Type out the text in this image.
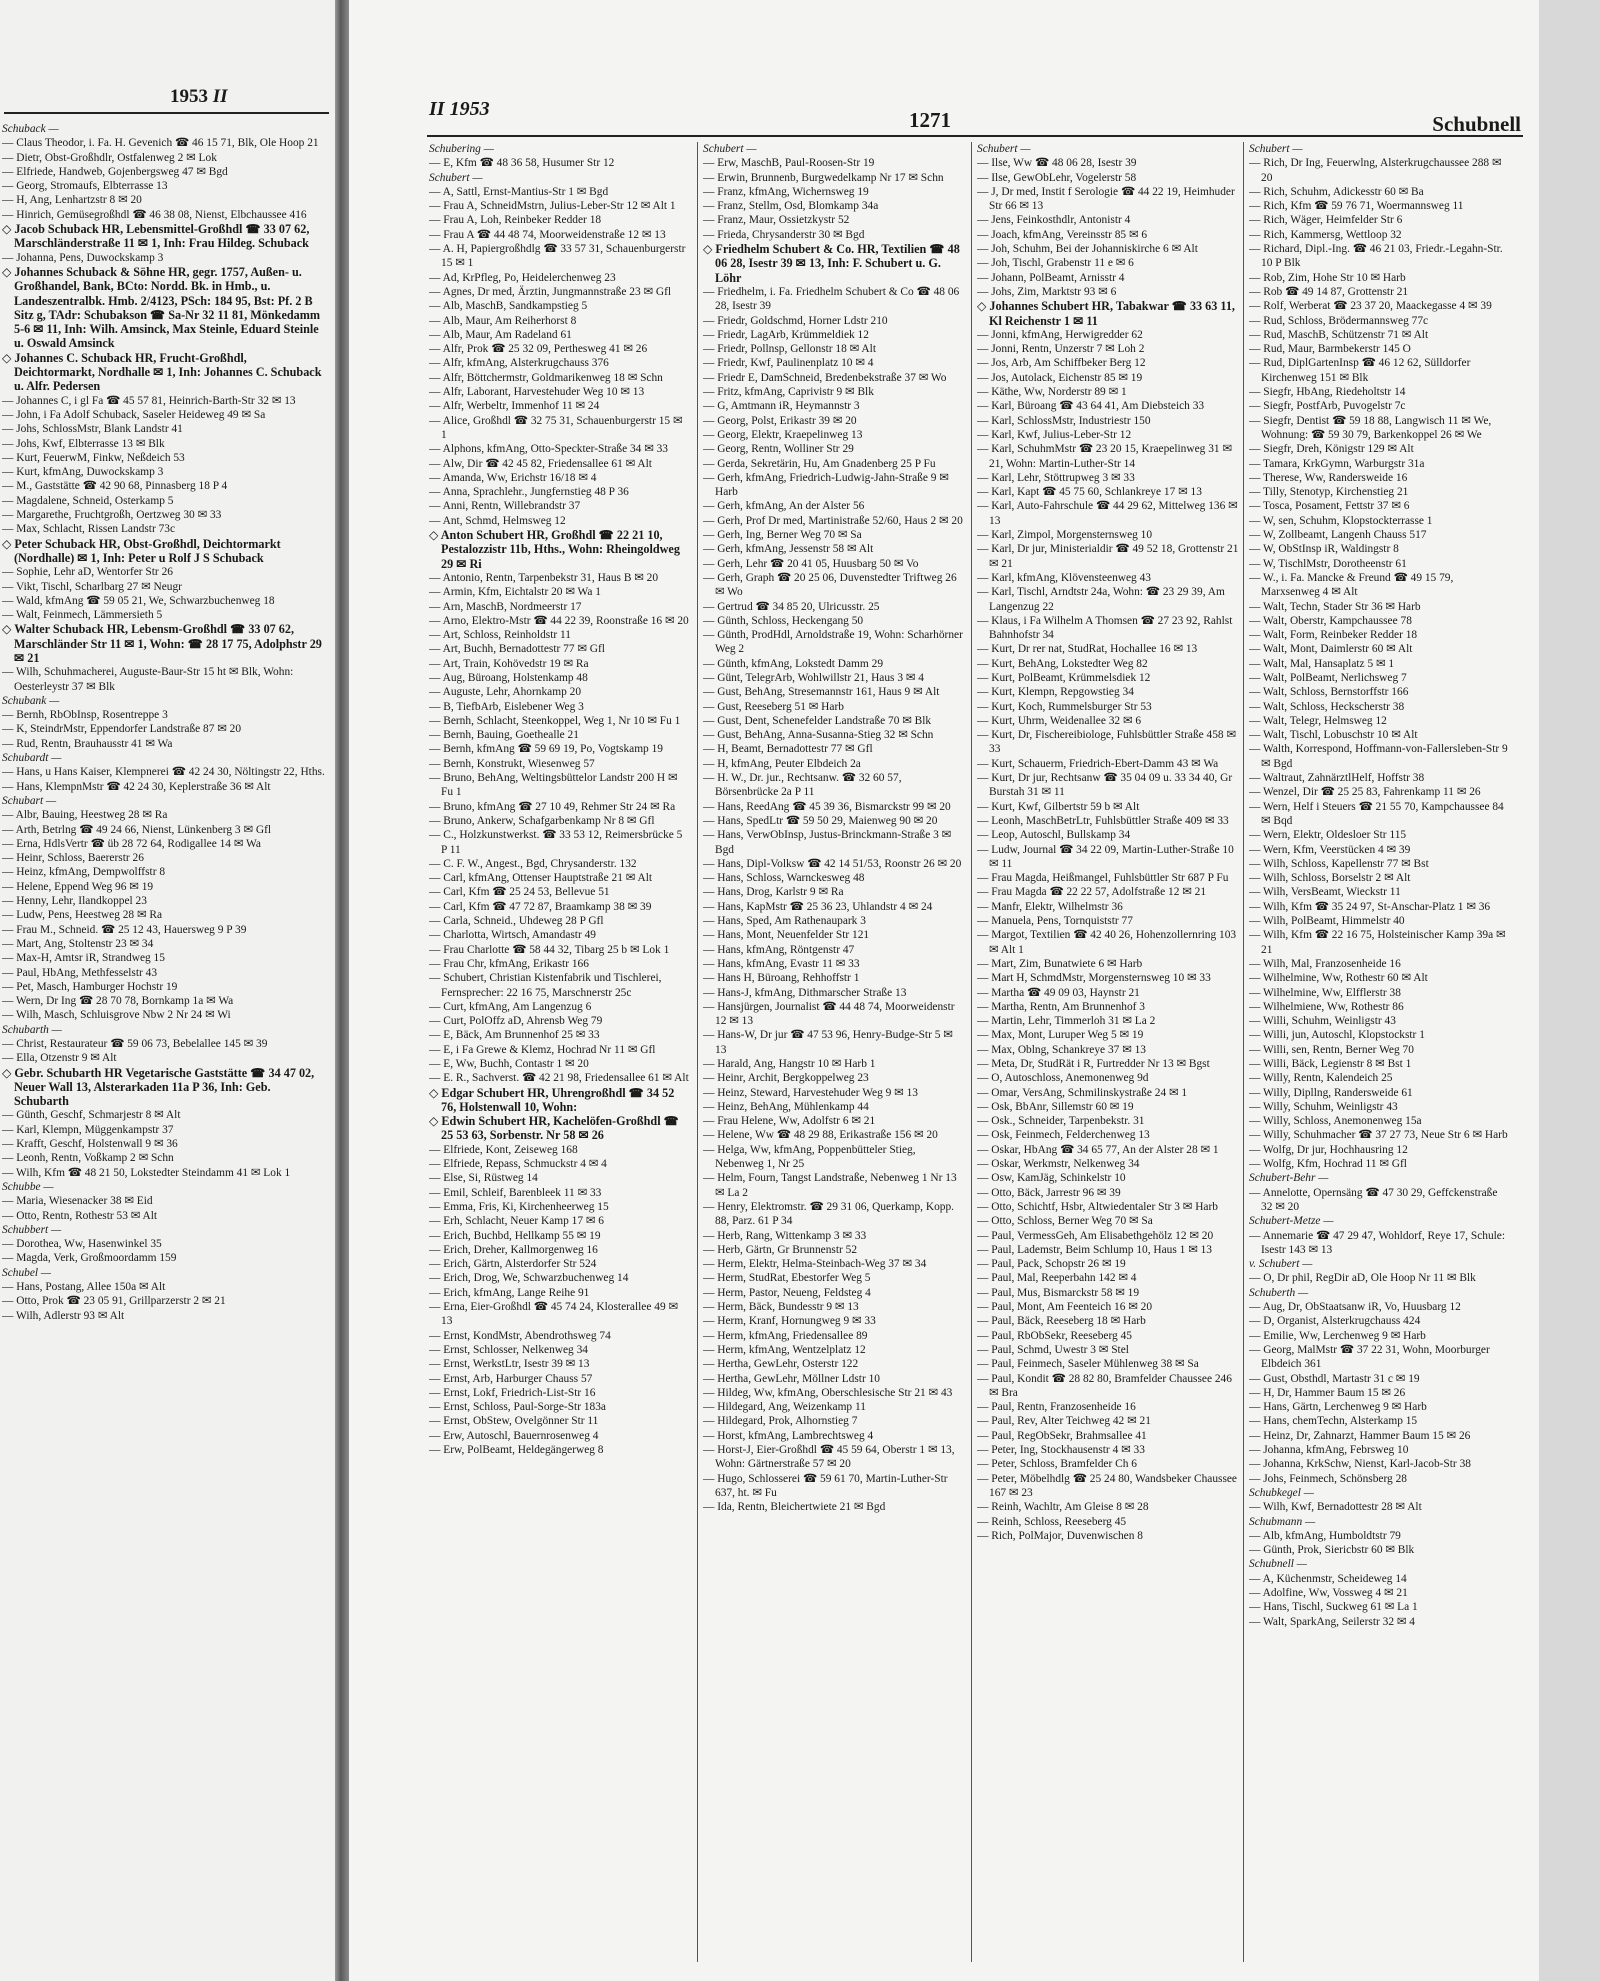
1953 II

Schuback —

— Claus Theodor, i. Fa. H. Gevenich ☎ 46 15 71, Blk, Ole Hoop 21

— Dietr, Obst-Großhdlr, Ostfalenweg 2 ✉ Lok

— Elfriede, Handweb, Gojenbergsweg 47 ✉ Bgd

— Georg, Stromaufs, Elbterrasse 13

— H, Ang, Lenhartzstr 8 ✉ 20

— Hinrich, Gemüsegroßhdl ☎ 46 38 08, Nienst, Elbchaussee 416

◇ Jacob Schuback HR, Lebensmittel-Großhdl ☎ 33 07 62, Marschländerstraße 11 ✉ 1, Inh: Frau Hildeg. Schuback

— Johanna, Pens, Duwockskamp 3

◇ Johannes Schuback & Söhne HR, gegr. 1757, Außen- u. Großhandel, Bank, BCto: Nordd. Bk. in Hmb., u. Landeszentralbk. Hmb. 2/4123, PSch: 184 95, Bst: Pf. 2 B Sitz g, TAdr: Schubakson ☎ Sa-Nr 32 11 81, Mönkedamm 5-6 ✉ 11, Inh: Wilh. Amsinck, Max Steinle, Eduard Steinle u. Oswald Amsinck

◇ Johannes C. Schuback HR, Frucht-Großhdl, Deichtormarkt, Nordhalle ✉ 1, Inh: Johannes C. Schuback u. Alfr. Pedersen

— Johannes C, i gl Fa ☎ 45 57 81, Heinrich-Barth-Str 32 ✉ 13

— John, i Fa Adolf Schuback, Saseler Heideweg 49 ✉ Sa

— Johs, SchlossMstr, Blank Landstr 41

— Johs, Kwf, Elbterrasse 13 ✉ Blk

— Kurt, FeuerwM, Finkw, Neßdeich 53

— Kurt, kfmAng, Duwockskamp 3

— M., Gaststätte ☎ 42 90 68, Pinnasberg 18 P 4

— Magdalene, Schneid, Osterkamp 5

— Margarethe, Fruchtgroßh, Oertzweg 30 ✉ 33

— Max, Schlacht, Rissen Landstr 73c

◇ Peter Schuback HR, Obst-Großhdl, Deichtormarkt (Nordhalle) ✉ 1, Inh: Peter u Rolf J S Schuback

— Sophie, Lehr aD, Wentorfer Str 26

— Vikt, Tischl, Scharlbarg 27 ✉ Neugr

— Wald, kfmAng ☎ 59 05 21, We, Schwarzbuchenweg 18

— Walt, Feinmech, Lämmersieth 5

◇ Walter Schuback HR, Lebensm-Großhdl ☎ 33 07 62, Marschländer Str 11 ✉ 1, Wohn: ☎ 28 17 75, Adolphstr 29 ✉ 21

— Wilh, Schuhmacherei, Auguste-Baur-Str 15 ht ✉ Blk, Wohn: Oesterleystr 37 ✉ Blk

Schubank —

— Bernh, RbObInsp, Rosentreppe 3

— K, SteindrMstr, Eppendorfer Landstraße 87 ✉ 20

— Rud, Rentn, Brauhausstr 41 ✉ Wa

Schubardt —

— Hans, u Hans Kaiser, Klempnerei ☎ 42 24 30, Nöltingstr 22, Hths.

— Hans, KlempnMstr ☎ 42 24 30, Keplerstraße 36 ✉ Alt

Schubart —

— Albr, Bauing, Heestweg 28 ✉ Ra

— Arth, Betrlng ☎ 49 24 66, Nienst, Lünkenberg 3 ✉ Gfl

— Erna, HdlsVertr ☎ üb 28 72 64, Rodigallee 14 ✉ Wa

— Heinr, Schloss, Baererstr 26

— Heinz, kfmAng, Dempwolffstr 8

— Helene, Eppend Weg 96 ✉ 19

— Henny, Lehr, Ilandkoppel 23

— Ludw, Pens, Heestweg 28 ✉ Ra

— Frau M., Schneid. ☎ 25 12 43, Hauersweg 9 P 39

— Mart, Ang, Stoltenstr 23 ✉ 34

— Max-H, Amtsr iR, Strandweg 15

— Paul, HbAng, Methfesselstr 43

— Pet, Masch, Hamburger Hochstr 19

— Wern, Dr Ing ☎ 28 70 78, Bornkamp 1a ✉ Wa

— Wilh, Masch, Schluisgrove Nbw 2 Nr 24 ✉ Wi

Schubarth —

— Christ, Restaurateur ☎ 59 06 73, Bebelallee 145 ✉ 39

— Ella, Otzenstr 9 ✉ Alt

◇ Gebr. Schubarth HR Vegetarische Gaststätte ☎ 34 47 02, Neuer Wall 13, Alsterarkaden 11a P 36, Inh: Geb. Schubarth

— Günth, Geschf, Schmarjestr 8 ✉ Alt

— Karl, Klempn, Müggenkampstr 37

— Krafft, Geschf, Holstenwall 9 ✉ 36

— Leonh, Rentn, Voßkamp 2 ✉ Schn

— Wilh, Kfm ☎ 48 21 50, Lokstedter Steindamm 41 ✉ Lok 1

Schubbe —

— Maria, Wiesenacker 38 ✉ Eid

— Otto, Rentn, Rothestr 53 ✉ Alt

Schubbert —

— Dorothea, Ww, Hasenwinkel 35

— Magda, Verk, Großmoordamm 159

Schubel —

— Hans, Postang, Allee 150a ✉ Alt

— Otto, Prok ☎ 23 05 91, Grillparzerstr 2 ✉ 21

— Wilh, Adlerstr 93 ✉ Alt

II 1953	1271	Schubnell

Schubering —

— E, Kfm ☎ 48 36 58, Husumer Str 12

Schubert —

— A, Sattl, Ernst-Mantius-Str 1 ✉ Bgd

— Frau A, SchneidMstrn, Julius-Leber-Str 12 ✉ Alt 1

— Frau A, Loh, Reinbeker Redder 18

— Frau A ☎ 44 48 74, Moorweidenstraße 12 ✉ 13

— A. H, Papiergroßhdlg ☎ 33 57 31, Schauenburgerstr 15 ✉ 1

— Ad, KrPfleg, Po, Heidelerchenweg 23

— Agnes, Dr med, Ärztin, Jungmannstraße 23 ✉ Gfl

— Alb, MaschB, Sandkampstieg 5

— Alb, Maur, Am Reiherhorst 8

— Alb, Maur, Am Radeland 61

— Alfr, Prok ☎ 25 32 09, Perthesweg 41 ✉ 26

— Alfr, kfmAng, Alsterkrugchauss 376

— Alfr, Böttchermstr, Goldmarikenweg 18 ✉ Schn

— Alfr, Laborant, Harvestehuder Weg 10 ✉ 13

— Alfr, Werbeltr, Immenhof 11 ✉ 24

— Alice, Großhdl ☎ 32 75 31, Schauenburgerstr 15 ✉ 1

— Alphons, kfmAng, Otto-Speckter-Straße 34 ✉ 33

— Alw, Dir ☎ 42 45 82, Friedensallee 61 ✉ Alt

— Amanda, Ww, Erichstr 16/18 ✉ 4

— Anna, Sprachlehr., Jungfernstieg 48 P 36

— Anni, Rentn, Willebrandstr 37

— Ant, Schmd, Helmsweg 12

◇ Anton Schubert HR, Großhdl ☎ 22 21 10, Pestalozzistr 11b, Hths., Wohn: Rheingoldweg 29 ✉ Ri

— Antonio, Rentn, Tarpenbekstr 31, Haus B ✉ 20

— Armin, Kfm, Eichtalstr 20 ✉ Wa 1

— Arn, MaschB, Nordmeerstr 17

— Arno, Elektro-Mstr ☎ 44 22 39, Roonstraße 16 ✉ 20

— Art, Schloss, Reinholdstr 11

— Art, Buchh, Bernadottestr 77 ✉ Gfl

— Art, Train, Kohövedstr 19 ✉ Ra

— Aug, Büroang, Holstenkamp 48

— Auguste, Lehr, Ahornkamp 20

— B, TiefbArb, Eislebener Weg 3

— Bernh, Schlacht, Steenkoppel, Weg 1, Nr 10 ✉ Fu 1

— Bernh, Bauing, Goethealle 21

— Bernh, kfmAng ☎ 59 69 19, Po, Vogtskamp 19

— Bernh, Konstrukt, Wiesenweg 57

— Bruno, BehAng, Weltingsbüttelor Landstr 200 H ✉ Fu 1

— Bruno, kfmAng ☎ 27 10 49, Rehmer Str 24 ✉ Ra

— Bruno, Ankerw, Schafgarbenkamp Nr 8 ✉ Gfl

— C., Holzkunstwerkst. ☎ 33 53 12, Reimersbrücke 5 P 11

— C. F. W., Angest., Bgd, Chrysanderstr. 132

— Carl, kfmAng, Ottenser Hauptstraße 21 ✉ Alt

— Carl, Kfm ☎ 25 24 53, Bellevue 51

— Carl, Kfm ☎ 47 72 87, Braamkamp 38 ✉ 39

— Carla, Schneid., Uhdeweg 28 P Gfl

— Charlotta, Wirtsch, Amandastr 49

— Frau Charlotte ☎ 58 44 32, Tibarg 25 b ✉ Lok 1

— Frau Chr, kfmAng, Erikastr 166

— Schubert, Christian Kistenfabrik und Tischlerei, Fernsprecher: 22 16 75, Marschnerstr 25c

— Curt, kfmAng, Am Langenzug 6

— Curt, PolOffz aD, Ahrensb Weg 79

— E, Bäck, Am Brunnenhof 25 ✉ 33

— E, i Fa Grewe & Klemz, Hochrad Nr 11 ✉ Gfl

— E, Ww, Buchh, Contastr 1 ✉ 20

— E. R., Sachverst. ☎ 42 21 98, Friedensallee 61 ✉ Alt

◇ Edgar Schubert HR, Uhrengroßhdl ☎ 34 52 76, Holstenwall 10, Wohn:

◇ Edwin Schubert HR, Kachelöfen-Großhdl ☎ 25 53 63, Sorbenstr. Nr 58 ✉ 26

— Elfriede, Kont, Zeiseweg 168

— Elfriede, Repass, Schmuckstr 4 ✉ 4

— Else, Si, Rüstweg 14

— Emil, Schleif, Barenbleek 11 ✉ 33

— Emma, Fris, Ki, Kirchenheerweg 15

— Erh, Schlacht, Neuer Kamp 17 ✉ 6

— Erich, Buchbd, Hellkamp 55 ✉ 19

— Erich, Dreher, Kallmorgenweg 16

— Erich, Gärtn, Alsterdorfer Str 524

— Erich, Drog, We, Schwarzbuchenweg 14

— Erich, kfmAng, Lange Reihe 91

— Erna, Eier-Großhdl ☎ 45 74 24, Klosterallee 49 ✉ 13

— Ernst, KondMstr, Abendrothsweg 74

— Ernst, Schlosser, Nelkenweg 34

— Ernst, WerkstLtr, Isestr 39 ✉ 13

— Ernst, Arb, Harburger Chauss 57

— Ernst, Lokf, Friedrich-List-Str 16

— Ernst, Schloss, Paul-Sorge-Str 183a

— Ernst, ObStew, Ovelgönner Str 11

— Erw, Autoschl, Bauernrosenweg 4

— Erw, PolBeamt, Heldegängerweg 8

Schubert —

— Erw, MaschB, Paul-Roosen-Str 19

— Erwin, Brunnenb, Burgwedelkamp Nr 17 ✉ Schn

— Franz, kfmAng, Wichernsweg 19

— Franz, Stellm, Osd, Blomkamp 34a

— Franz, Maur, Ossietzkystr 52

— Frieda, Chrysanderstr 30 ✉ Bgd

◇ Friedhelm Schubert & Co. HR, Textilien ☎ 48 06 28, Isestr 39 ✉ 13, Inh: F. Schubert u. G. Löhr

— Friedhelm, i. Fa. Friedhelm Schubert & Co ☎ 48 06 28, Isestr 39

— Friedr, Goldschmd, Horner Ldstr 210

— Friedr, LagArb, Krümmeldiek 12

— Friedr, Pollnsp, Gellonstr 18 ✉ Alt

— Friedr, Kwf, Paulinenplatz 10 ✉ 4

— Friedr E, DamSchneid, Bredenbekstraße 37 ✉ Wo

— Fritz, kfmAng, Caprivistr 9 ✉ Blk

— G, Amtmann iR, Heymannstr 3

— Georg, Polst, Erikastr 39 ✉ 20

— Georg, Elektr, Kraepelinweg 13

— Georg, Rentn, Wolliner Str 29

— Gerda, Sekretärin, Hu, Am Gnadenberg 25 P Fu

— Gerh, kfmAng, Friedrich-Ludwig-Jahn-Straße 9 ✉ Harb

— Gerh, kfmAng, An der Alster 56

— Gerh, Prof Dr med, Martinistraße 52/60, Haus 2 ✉ 20

— Gerh, Ing, Berner Weg 70 ✉ Sa

— Gerh, kfmAng, Jessenstr 58 ✉ Alt

— Gerh, Lehr ☎ 20 41 05, Huusbarg 50 ✉ Vo

— Gerh, Graph ☎ 20 25 06, Duvenstedter Triftweg 26 ✉ Wo

— Gertrud ☎ 34 85 20, Ulricusstr. 25

— Günth, Schloss, Heckengang 50

— Günth, ProdHdl, Arnoldstraße 19, Wohn: Scharhörner Weg 2

— Günth, kfmAng, Lokstedt Damm 29

— Günt, TelegrArb, Wohlwillstr 21, Haus 3 ✉ 4

— Gust, BehAng, Stresemannstr 161, Haus 9 ✉ Alt

— Gust, Reeseberg 51 ✉ Harb

— Gust, Dent, Schenefelder Landstraße 70 ✉ Blk

— Gust, BehAng, Anna-Susanna-Stieg 32 ✉ Schn

— H, Beamt, Bernadottestr 77 ✉ Gfl

— H, kfmAng, Peuter Elbdeich 2a

— H. W., Dr. jur., Rechtsanw. ☎ 32 60 57, Börsenbrücke 2a P 11

— Hans, ReedAng ☎ 45 39 36, Bismarckstr 99 ✉ 20

— Hans, SpedLtr ☎ 59 50 29, Maienweg 90 ✉ 20

— Hans, VerwObInsp, Justus-Brinckmann-Straße 3 ✉ Bgd

— Hans, Dipl-Volksw ☎ 42 14 51/53, Roonstr 26 ✉ 20

— Hans, Schloss, Warnckesweg 48

— Hans, Drog, Karlstr 9 ✉ Ra

— Hans, KapMstr ☎ 25 36 23, Uhlandstr 4 ✉ 24

— Hans, Sped, Am Rathenaupark 3

— Hans, Mont, Neuenfelder Str 121

— Hans, kfmAng, Röntgenstr 47

— Hans, kfmAng, Evastr 11 ✉ 33

— Hans H, Büroang, Rehhoffstr 1

— Hans-J, kfmAng, Dithmarscher Straße 13

— Hansjürgen, Journalist ☎ 44 48 74, Moorweidenstr 12 ✉ 13

— Hans-W, Dr jur ☎ 47 53 96, Henry-Budge-Str 5 ✉ 13

— Harald, Ang, Hangstr 10 ✉ Harb 1

— Heinr, Archit, Bergkoppelweg 23

— Heinz, Steward, Harvestehuder Weg 9 ✉ 13

— Heinz, BehAng, Mühlenkamp 44

— Frau Helene, Ww, Adolfstr 6 ✉ 21

— Helene, Ww ☎ 48 29 88, Erikastraße 156 ✉ 20

— Helga, Ww, kfmAng, Poppenbütteler Stieg, Nebenweg 1, Nr 25

— Helm, Fourn, Tangst Landstraße, Nebenweg 1 Nr 13 ✉ La 2

— Henry, Elektromstr. ☎ 29 31 06, Querkamp, Kopp. 88, Parz. 61 P 34

— Herb, Rang, Wittenkamp 3 ✉ 33

— Herb, Gärtn, Gr Brunnenstr 52

— Herm, Elektr, Helma-Steinbach-Weg 37 ✉ 34

— Herm, StudRat, Ebestorfer Weg 5

— Herm, Pastor, Neueng, Feldsteg 4

— Herm, Bäck, Bundesstr 9 ✉ 13

— Herm, Kranf, Hornungweg 9 ✉ 33

— Herm, kfmAng, Friedensallee 89

— Herm, kfmAng, Wentzelplatz 12

— Hertha, GewLehr, Osterstr 122

— Hertha, GewLehr, Möllner Ldstr 10

— Hildeg, Ww, kfmAng, Oberschlesische Str 21 ✉ 43

— Hildegard, Ang, Weizenkamp 11

— Hildegard, Prok, Alhornstieg 7

— Horst, kfmAng, Lambrechtsweg 4

— Horst-J, Eier-Großhdl ☎ 45 59 64, Oberstr 1 ✉ 13, Wohn: Gärtnerstraße 57 ✉ 20

— Hugo, Schlossereі ☎ 59 61 70, Martin-Luther-Str 637, ht. ✉ Fu

— Ida, Rentn, Bleichertwiete 21 ✉ Bgd

Schubert —

— Ilse, Ww ☎ 48 06 28, Isestr 39

— Ilse, GewObLehr, Vogelerstr 58

— J, Dr med, Instit f Serologie ☎ 44 22 19, Heimhuder Str 66 ✉ 13

— Jens, Feinkosthdlr, Antonistr 4

— Joach, kfmAng, Vereinsstr 85 ✉ 6

— Joh, Schuhm, Bei der Johanniskirche 6 ✉ Alt

— Joh, Tischl, Grabenstr 11 e ✉ 6

— Johann, PolBeamt, Arnisstr 4

— Johs, Zim, Marktstr 93 ✉ 6

◇ Johannes Schubert HR, Tabakwar ☎ 33 63 11, Kl Reichenstr 1 ✉ 11

— Jonni, kfmAng, Herwigredder 62

— Jonni, Rentn, Unzerstr 7 ✉ Loh 2

— Jos, Arb, Am Schiffbeker Berg 12

— Jos, Autolack, Eichenstr 85 ✉ 19

— Käthe, Ww, Norderstr 89 ✉ 1

— Karl, Büroang ☎ 43 64 41, Am Diebsteich 33

— Karl, SchlossMstr, Industriestr 150

— Karl, Kwf, Julius-Leber-Str 12

— Karl, SchuhmMstr ☎ 23 20 15, Kraepelinweg 31 ✉ 21, Wohn: Martin-Luther-Str 14

— Karl, Lehr, Stöttrupweg 3 ✉ 33

— Karl, Kapt ☎ 45 75 60, Schlankreye 17 ✉ 13

— Karl, Auto-Fahrschule ☎ 44 29 62, Mittelweg 136 ✉ 13

— Karl, Zimpol, Morgensternsweg 10

— Karl, Dr jur, Ministerialdir ☎ 49 52 18, Grottenstr 21 ✉ 21

— Karl, kfmAng, Klövensteenweg 43

— Karl, Tischl, Arndtstr 24a, Wohn: ☎ 23 29 39, Am Langenzug 22

— Klaus, i Fa Wilhelm A Thomsen ☎ 27 23 92, Rahlst Bahnhofstr 34

— Kurt, Dr rer nat, StudRat, Hochallee 16 ✉ 13

— Kurt, BehAng, Lokstedter Weg 82

— Kurt, PolBeamt, Krümmelsdiek 12

— Kurt, Klempn, Repgowstieg 34

— Kurt, Koch, Rummelsburger Str 53

— Kurt, Uhrm, Weidenallee 32 ✉ 6

— Kurt, Dr, Fischereibiologe, Fuhlsbüttler Straße 458 ✉ 33

— Kurt, Schauerm, Friedrich-Ebert-Damm 43 ✉ Wa

— Kurt, Dr jur, Rechtsanw ☎ 35 04 09 u. 33 34 40, Gr Burstah 31 ✉ 11

— Kurt, Kwf, Gilbertstr 59 b ✉ Alt

— Leonh, MaschBetrLtr, Fuhlsbüttler Straße 409 ✉ 33

— Leop, Autoschl, Bullskamp 34

— Ludw, Journal ☎ 34 22 09, Martin-Luther-Straße 10 ✉ 11

— Frau Magda, Heißmangel, Fuhlsbüttler Str 687 P Fu

— Frau Magda ☎ 22 22 57, Adolfstraße 12 ✉ 21

— Manfr, Elektr, Wilhelmstr 36

— Manuela, Pens, Tornquiststr 77

— Margot, Textilien ☎ 42 40 26, Hohenzollernring 103 ✉ Alt 1

— Mart, Zim, Bunatwiete 6 ✉ Harb

— Mart H, SchmdMstr, Morgensternsweg 10 ✉ 33

— Martha ☎ 49 09 03, Haynstr 21

— Martha, Rentn, Am Brunnenhof 3

— Martin, Lehr, Timmerloh 31 ✉ La 2

— Max, Mont, Luruper Weg 5 ✉ 19

— Max, Oblng, Schankreye 37 ✉ 13

— Meta, Dr, StudRät i R, Furtredder Nr 13 ✉ Bgst

— O, Autoschloss, Anemonenweg 9d

— Omar, VersAng, Schmilinskystraße 24 ✉ 1

— Osk, BbAnr, Sillemstr 60 ✉ 19

— Osk., Schneider, Tarpenbekstr. 31

— Osk, Feinmech, Felderchenweg 13

— Oskar, HbAng ☎ 34 65 77, An der Alster 28 ✉ 1

— Oskar, Werkmstr, Nelkenweg 34

— Osw, KamJäg, Schinkelstr 10

— Otto, Bäck, Jarrestr 96 ✉ 39

— Otto, Schichtf, Hsbr, Altwiedentaler Str 3 ✉ Harb

— Otto, Schloss, Berner Weg 70 ✉ Sa

— Paul, VermessGeh, Am Elisabethgehölz 12 ✉ 20

— Paul, Lademstr, Beim Schlump 10, Haus 1 ✉ 13

— Paul, Pack, Schopstr 26 ✉ 19

— Paul, Mal, Reeperbahn 142 ✉ 4

— Paul, Mus, Bismarckstr 58 ✉ 19

— Paul, Mont, Am Feenteich 16 ✉ 20

— Paul, Bäck, Reeseberg 18 ✉ Harb

— Paul, RbObSekr, Reeseberg 45

— Paul, Schmd, Uwestr 3 ✉ Stel

— Paul, Feinmech, Saseler Mühlenweg 38 ✉ Sa

— Paul, Kondit ☎ 28 82 80, Bramfelder Chaussee 246 ✉ Bra

— Paul, Rentn, Franzosenheide 16

— Paul, Rev, Alter Teichweg 42 ✉ 21

— Paul, RegObSekr, Brahmsallee 41

— Peter, Ing, Stockhausenstr 4 ✉ 33

— Peter, Schloss, Bramfelder Ch 6

— Peter, Möbelhdlg ☎ 25 24 80, Wandsbeker Chaussee 167 ✉ 23

— Reinh, Wachltr, Am Gleise 8 ✉ 28

— Reinh, Schloss, Reeseberg 45

— Rich, PolMajor, Duvenwischen 8

Schubert —

— Rich, Dr Ing, Feuerwlng, Alsterkrugchaussee 288 ✉ 20

— Rich, Schuhm, Adickesstr 60 ✉ Ba

— Rich, Kfm ☎ 59 76 71, Woermannsweg 11

— Rich, Wäger, Heimfelder Str 6

— Rich, Kammersg, Wettloop 32

— Richard, Dipl.-Ing. ☎ 46 21 03, Friedr.-Legahn-Str. 10 P Blk

— Rob, Zim, Hohe Str 10 ✉ Harb

— Rob ☎ 49 14 87, Grottenstr 21

— Rolf, Werberat ☎ 23 37 20, Maackegasse 4 ✉ 39

— Rud, Schloss, Brödermannsweg 77c

— Rud, MaschB, Schützenstr 71 ✉ Alt

— Rud, Maur, Barmbekerstr 145 O

— Rud, DiplGartenInsp ☎ 46 12 62, Sülldorfer Kirchenweg 151 ✉ Blk

— Siegfr, HbAng, Riedeholtstr 14

— Siegfr, PostfArb, Puvogelstr 7c

— Siegfr, Dentist ☎ 59 18 88, Langwisch 11 ✉ We, Wohnung: ☎ 59 30 79, Barkenkoppel 26 ✉ We

— Siegfr, Dreh, Königstr 129 ✉ Alt

— Tamara, KrkGymn, Warburgstr 31a

— Therese, Ww, Randersweide 16

— Tilly, Stenotyp, Kirchenstieg 21

— Tosca, Posament, Fettstr 37 ✉ 6

— W, sen, Schuhm, Klopstockterrasse 1

— W, Zollbeamt, Langenh Chauss 517

— W, ObStInsp iR, Waldingstr 8

— W, TischlMstr, Dorotheenstr 61

— W., i. Fa. Mancke & Freund ☎ 49 15 79, Marxsenweg 4 ✉ Alt

— Walt, Techn, Stader Str 36 ✉ Harb

— Walt, Oberstr, Kampchaussee 78

— Walt, Form, Reinbeker Redder 18

— Walt, Mont, Daimlerstr 60 ✉ Alt

— Walt, Mal, Hansaplatz 5 ✉ 1

— Walt, PolBeamt, Nerlichsweg 7

— Walt, Schloss, Bernstorffstr 166

— Walt, Schloss, Heckscherstr 38

— Walt, Telegr, Helmsweg 12

— Walt, Tischl, Lobuschstr 10 ✉ Alt

— Walth, Korrespond, Hoffmann-von-Fallersleben-Str 9 ✉ Bgd

— Waltraut, ZahnärztlHelf, Hoffstr 38

— Wenzel, Dir ☎ 25 25 83, Fahrenkamp 11 ✉ 26

— Wern, Helf i Steuers ☎ 21 55 70, Kampchaussee 84 ✉ Bqd

— Wern, Elektr, Oldesloer Str 115

— Wern, Kfm, Veerstücken 4 ✉ 39

— Wilh, Schloss, Kapellenstr 77 ✉ Bst

— Wilh, Schloss, Borselstr 2 ✉ Alt

— Wilh, VersBeamt, Wieckstr 11

— Wilh, Kfm ☎ 35 24 97, St-Anschar-Platz 1 ✉ 36

— Wilh, PolBeamt, Himmelstr 40

— Wilh, Kfm ☎ 22 16 75, Holsteinischer Kamp 39a ✉ 21

— Wilh, Mal, Franzosenheide 16

— Wilhelmine, Ww, Rothestr 60 ✉ Alt

— Wilhelmine, Ww, Elfflerstr 38

— Wilhelmiene, Ww, Rothestr 86

— Willi, Schuhm, Weinligstr 43

— Willi, jun, Autoschl, Klopstockstr 1

— Willi, sen, Rentn, Berner Weg 70

— Willi, Bäck, Legienstr 8 ✉ Bst 1

— Willy, Rentn, Kalendeich 25

— Willy, Dipllng, Randersweide 61

— Willy, Schuhm, Weinligstr 43

— Willy, Schloss, Anemonenweg 15a

— Willy, Schuhmacher ☎ 37 27 73, Neue Str 6 ✉ Harb

— Wolfg, Dr jur, Hochhausring 12

— Wolfg, Kfm, Hochrad 11 ✉ Gfl

Schubert-Behr —

— Annelotte, Opernsäng ☎ 47 30 29, Geffckenstraße 32 ✉ 20

Schubert-Metze —

— Annemarie ☎ 47 29 47, Wohldorf, Reye 17, Schule: Isestr 143 ✉ 13

v. Schubert —

— O, Dr phil, RegDir aD, Ole Hoop Nr 11 ✉ Blk

Schuberth —

— Aug, Dr, ObStaatsanw iR, Vo, Huusbarg 12

— D, Organist, Alsterkrugchauss 424

— Emilie, Ww, Lerchenweg 9 ✉ Harb

— Georg, MalMstr ☎ 37 22 31, Wohn, Moorburger Elbdeich 361

— Gust, Obsthdl, Martastr 31 c ✉ 19

— H, Dr, Hammer Baum 15 ✉ 26

— Hans, Gärtn, Lerchenweg 9 ✉ Harb

— Hans, chemTechn, Alsterkamp 15

— Heinz, Dr, Zahnarzt, Hammer Baum 15 ✉ 26

— Johanna, kfmAng, Febrsweg 10

— Johanna, KrkSchw, Nienst, Karl-Jacob-Str 38

— Johs, Feinmech, Schönsberg 28

Schubkegel —

— Wilh, Kwf, Bernadottestr 28 ✉ Alt

Schubmann —

— Alb, kfmAng, Humboldtstr 79

— Günth, Prok, Siericbstr 60 ✉ Blk

Schubnell —

— A, Küchenmstr, Scheideweg 14

— Adolfine, Ww, Vossweg 4 ✉ 21

— Hans, Tischl, Suckweg 61 ✉ La 1

— Walt, SparkAng, Seilerstr 32 ✉ 4
